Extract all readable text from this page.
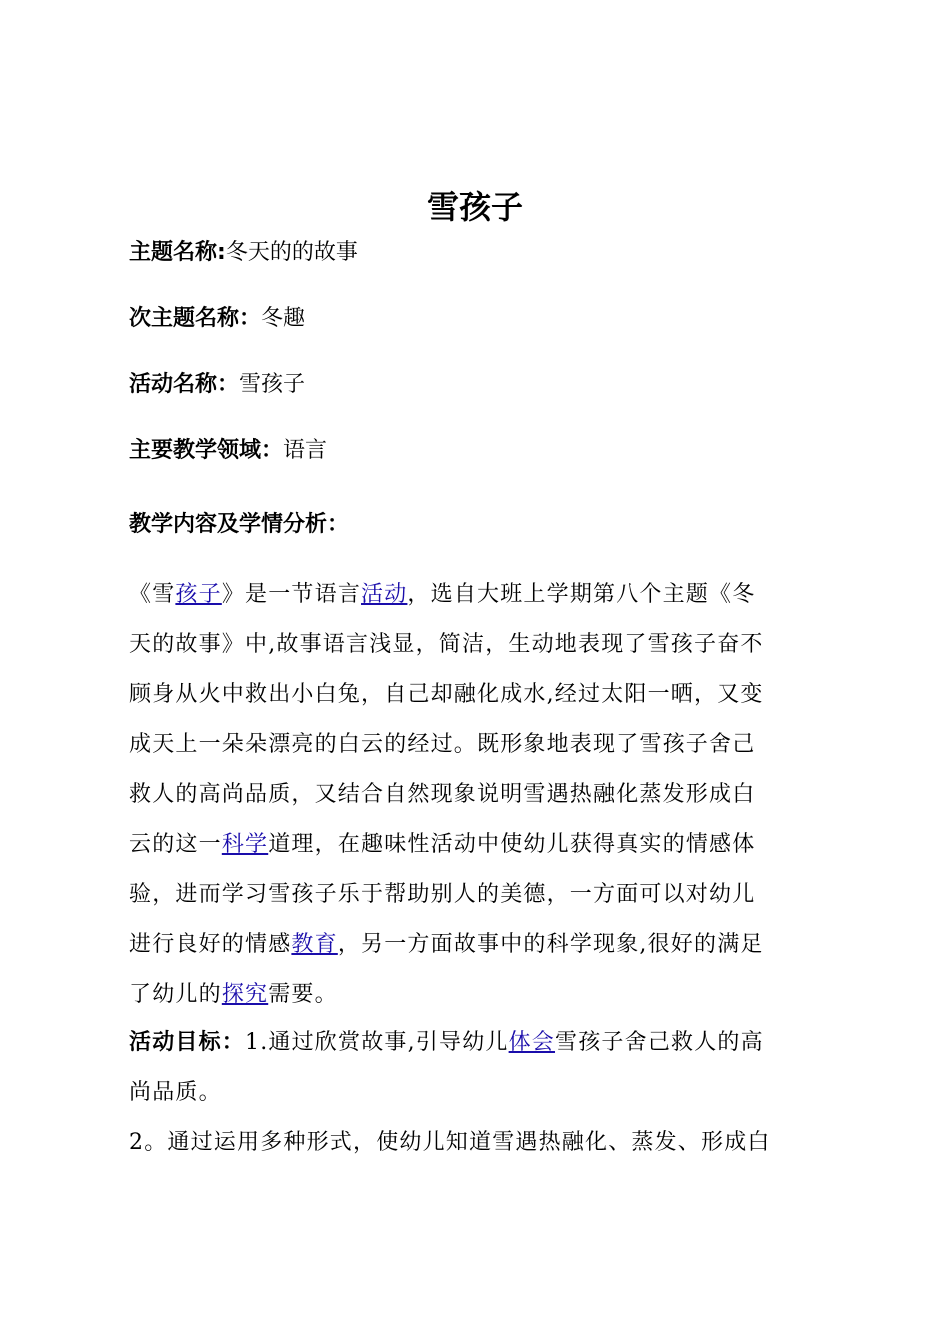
雪孩子
主题名称:冬天的的故事
次主题名称：冬趣
活动名称：雪孩子
主要教学领域：语言
教学内容及学情分析：
《雪孩子》是一节语言活动，选自大班上学期第八个主题《冬
天的故事》中,故事语言浅显，简洁，生动地表现了雪孩子奋不
顾身从火中救出小白兔，自己却融化成水,经过太阳一晒，又变
成天上一朵朵漂亮的白云的经过。既形象地表现了雪孩子舍己
救人的高尚品质，又结合自然现象说明雪遇热融化蒸发形成白
云的这一科学道理，在趣味性活动中使幼儿获得真实的情感体
验，进而学习雪孩子乐于帮助别人的美德，一方面可以对幼儿
进行良好的情感教育，另一方面故事中的科学现象,很好的满足
了幼儿的探究需要。
活动目标：1.通过欣赏故事,引导幼儿体会雪孩子舍己救人的高
尚品质。
2。通过运用多种形式，使幼儿知道雪遇热融化、蒸发、形成白
